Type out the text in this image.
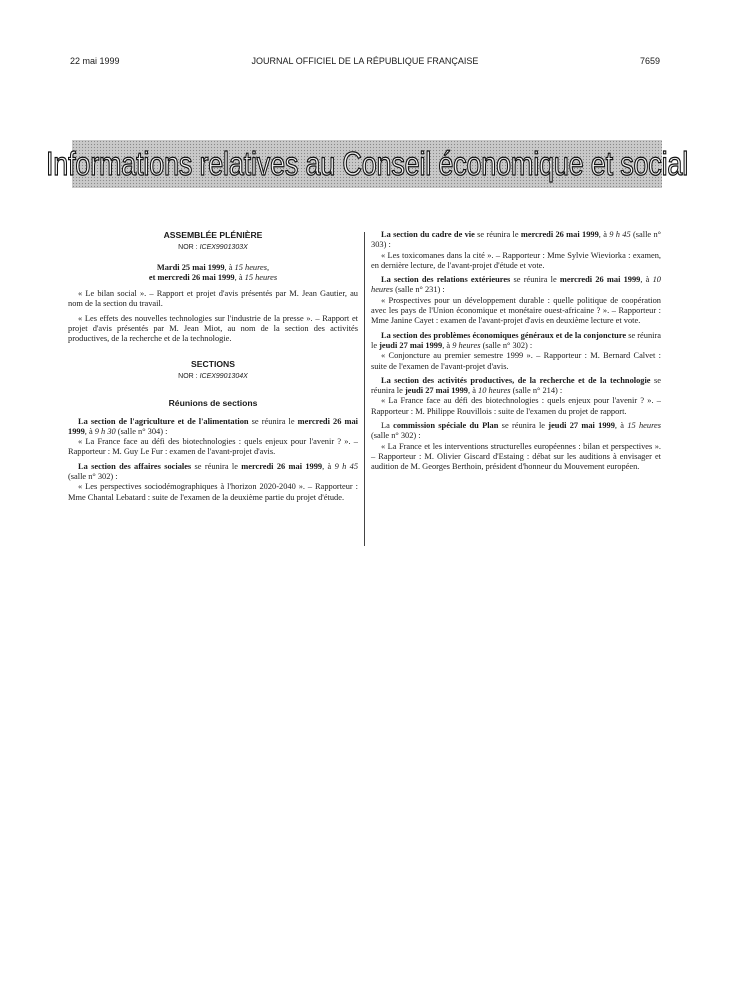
22 mai 1999	JOURNAL OFFICIEL DE LA RÉPUBLIQUE FRANÇAISE	7659
Informations relatives au Conseil économique et social
ASSEMBLÉE PLÉNIÈRE
NOR : ICEX9901303X
Mardi 25 mai 1999, à 15 heures,
et mercredi 26 mai 1999, à 15 heures

« Le bilan social ». – Rapport et projet d'avis présentés par M. Jean Gautier, au nom de la section du travail.

« Les effets des nouvelles technologies sur l'industrie de la presse ». – Rapport et projet d'avis présentés par M. Jean Miot, au nom de la section des activités productives, de la recherche et de la technologie.

SECTIONS
NOR : ICEX9901304X
Réunions de sections

La section de l'agriculture et de l'alimentation se réunira le mercredi 26 mai 1999, à 9 h 30 (salle n° 304) :

« La France face au défi des biotechnologies : quels enjeux pour l'avenir ? ». – Rapporteur : M. Guy Le Fur : examen de l'avant-projet d'avis.

La section des affaires sociales se réunira le mercredi 26 mai 1999, à 9 h 45 (salle n° 302) :

« Les perspectives sociodémographiques à l'horizon 2020-2040 ». – Rapporteur : Mme Chantal Lebatard : suite de l'examen de la deuxième partie du projet d'étude.

La section du cadre de vie se réunira le mercredi 26 mai 1999, à 9 h 45 (salle n° 303) :

« Les toxicomanes dans la cité ». – Rapporteur : Mme Sylvie Wieviorka : examen, en dernière lecture, de l'avant-projet d'étude et vote.

La section des relations extérieures se réunira le mercredi 26 mai 1999, à 10 heures (salle n° 231) :

« Prospectives pour un développement durable : quelle politique de coopération avec les pays de l'Union économique et monétaire ouest-africaine ? ». – Rapporteur : Mme Janine Cayet : examen de l'avant-projet d'avis en deuxième lecture et vote.

La section des problèmes économiques généraux et de la conjoncture se réunira le jeudi 27 mai 1999, à 9 heures (salle n° 302) :

« Conjoncture au premier semestre 1999 ». – Rapporteur : M. Bernard Calvet : suite de l'examen de l'avant-projet d'avis.

La section des activités productives, de la recherche et de la technologie se réunira le jeudi 27 mai 1999, à 10 heures (salle n° 214) :

« La France face au défi des biotechnologies : quels enjeux pour l'avenir ? ». – Rapporteur : M. Philippe Rouvillois : suite de l'examen du projet de rapport.

La commission spéciale du Plan se réunira le jeudi 27 mai 1999, à 15 heures (salle n° 302) :

« La France et les interventions structurelles européennes : bilan et perspectives ». – Rapporteur : M. Olivier Giscard d'Estaing : débat sur les auditions à envisager et audition de M. Georges Berthoin, président d'honneur du Mouvement européen.
